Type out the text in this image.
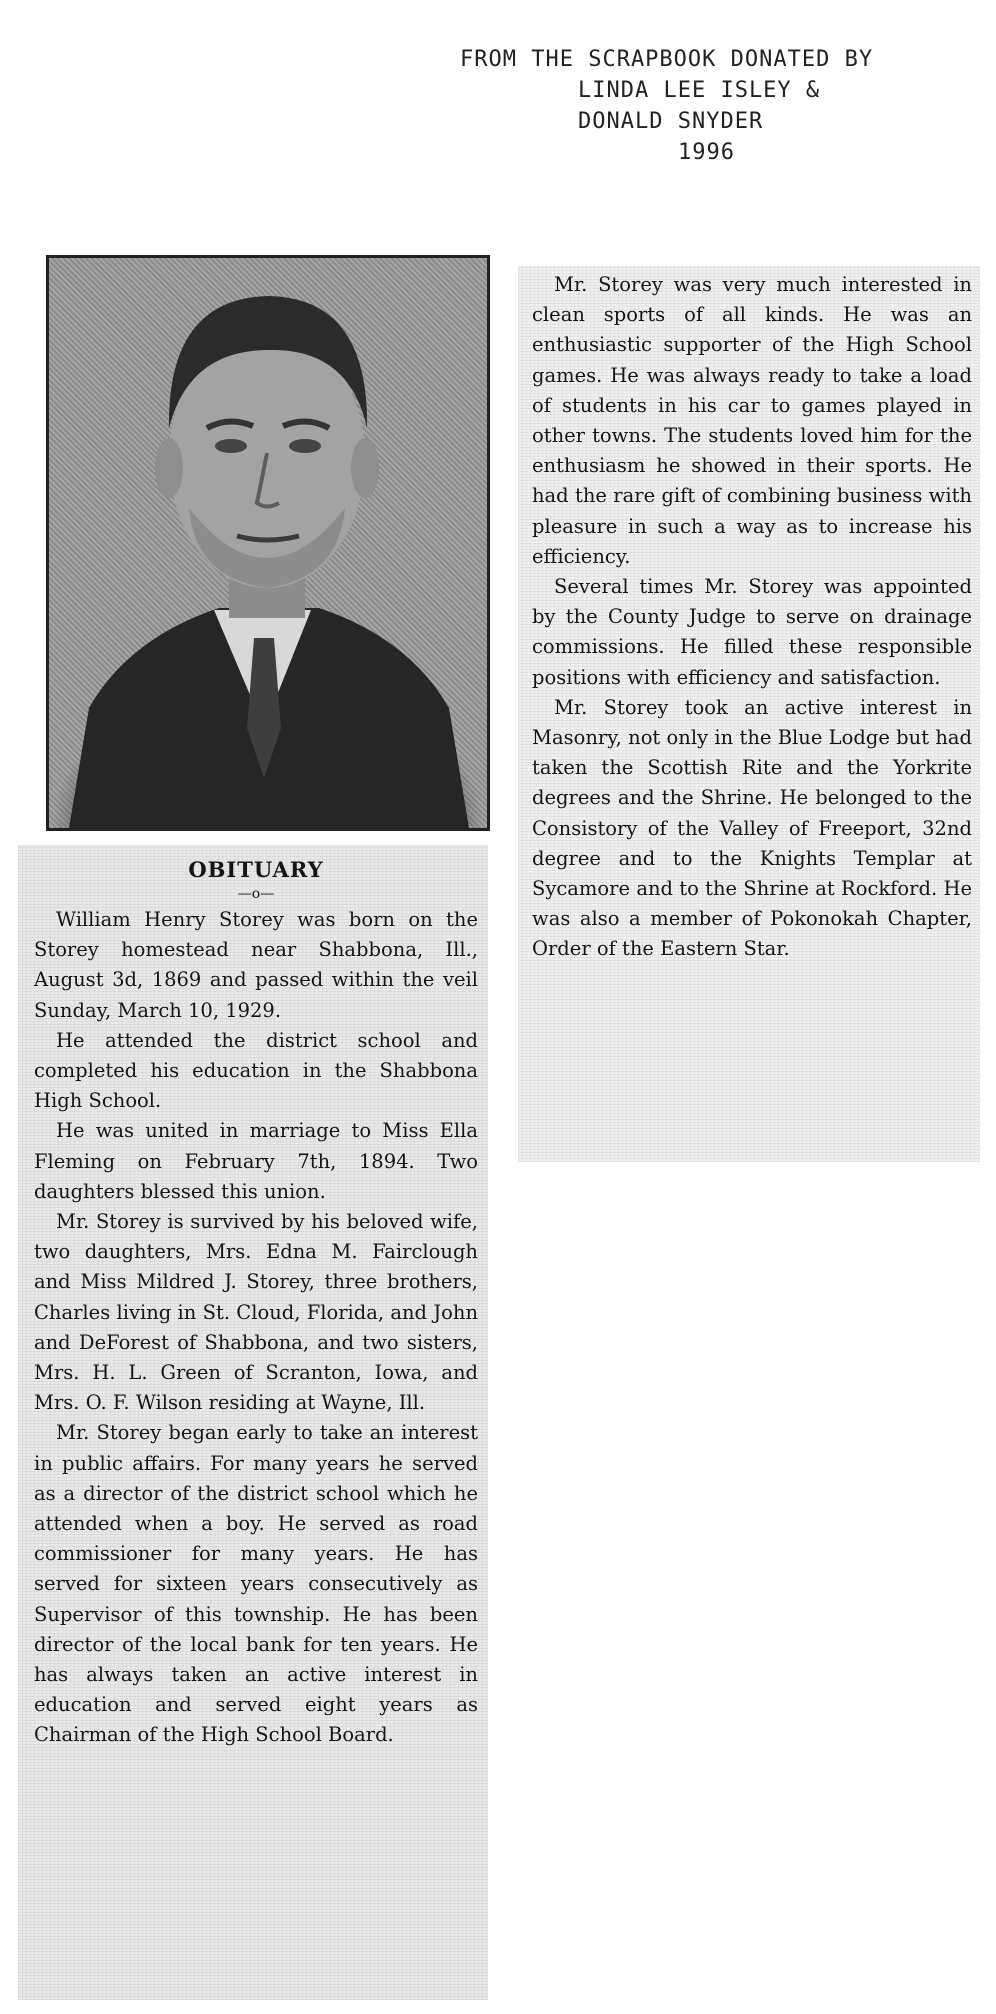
FROM THE SCRAPBOOK DONATED BY
LINDA LEE ISLEY &
DONALD SNYDER
1996
OBITUARY
—o—

William Henry Storey was born on the Storey homestead near Shabbona, Ill., August 3d, 1869 and passed within the veil Sunday, March 10, 1929.

He attended the district school and completed his education in the Shabbona High School.

He was united in marriage to Miss Ella Fleming on February 7th, 1894. Two daughters blessed this union.

Mr. Storey is survived by his beloved wife, two daughters, Mrs. Edna M. Fairclough and Miss Mildred J. Storey, three brothers, Charles living in St. Cloud, Florida, and John and DeForest of Shabbona, and two sisters, Mrs. H. L. Green of Scranton, Iowa, and Mrs. O. F. Wilson residing at Wayne, Ill.

Mr. Storey began early to take an interest in public affairs. For many years he served as a director of the district school which he attended when a boy. He served as road commissioner for many years. He has served for sixteen years consecutively as Supervisor of this township. He has been director of the local bank for ten years. He has always taken an active interest in education and served eight years as Chairman of the High School Board.

Mr. Storey was very much interested in clean sports of all kinds. He was an enthusiastic supporter of the High School games. He was always ready to take a load of students in his car to games played in other towns. The students loved him for the enthusiasm he showed in their sports. He had the rare gift of combining business with pleasure in such a way as to increase his efficiency.

Several times Mr. Storey was appointed by the County Judge to serve on drainage commissions. He filled these responsible positions with efficiency and satisfaction.

Mr. Storey took an active interest in Masonry, not only in the Blue Lodge but had taken the Scottish Rite and the Yorkrite degrees and the Shrine. He belonged to the Consistory of the Valley of Freeport, 32nd degree and to the Knights Templar at Sycamore and to the Shrine at Rockford. He was also a member of Pokonokah Chapter, Order of the Eastern Star.
